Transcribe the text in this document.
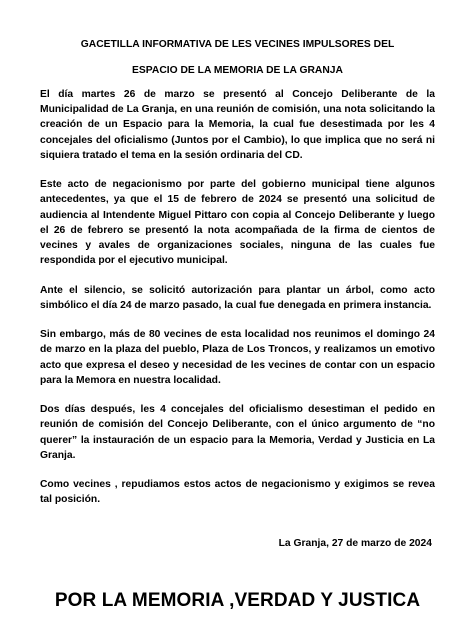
GACETILLA INFORMATIVA DE LES VECINES IMPULSORES DEL
ESPACIO DE LA MEMORIA DE LA GRANJA

El día martes 26 de marzo se presentó al Concejo Deliberante de la Municipalidad de La Granja, en una reunión de comisión, una nota solicitando la creación de un Espacio para la Memoria, la cual fue desestimada por les 4 concejales del oficialismo (Juntos por el Cambio), lo que implica que no será ni siquiera tratado el tema en la sesión ordinaria del CD.

Este acto de negacionismo por parte del gobierno municipal tiene algunos antecedentes, ya que el 15 de febrero de 2024 se presentó una solicitud de audiencia al Intendente Miguel Pittaro con copia al Concejo Deliberante y luego el 26 de febrero se presentó la nota acompañada de la firma de cientos de vecines y avales de organizaciones sociales, ninguna de las cuales fue respondida por el ejecutivo municipal.

Ante el silencio, se solicitó autorización para plantar un árbol, como acto simbólico el día 24 de marzo pasado, la cual fue denegada en primera instancia.

Sin embargo, más de 80 vecines de esta localidad nos reunimos el domingo 24 de marzo en la plaza del pueblo, Plaza de Los Troncos, y realizamos un emotivo acto que expresa el deseo y necesidad de les vecines de contar con un espacio para la Memora en nuestra localidad.

Dos días después, les 4 concejales del oficialismo desestiman el pedido en reunión de comisión del Concejo Deliberante, con el único argumento de “no querer” la instauración de un espacio para la Memoria, Verdad y Justicia en La Granja.

Como vecines , repudiamos estos actos de negacionismo y exigimos se revea tal posición.

La Granja, 27 de marzo de 2024
POR LA MEMORIA ,VERDAD Y JUSTICA
